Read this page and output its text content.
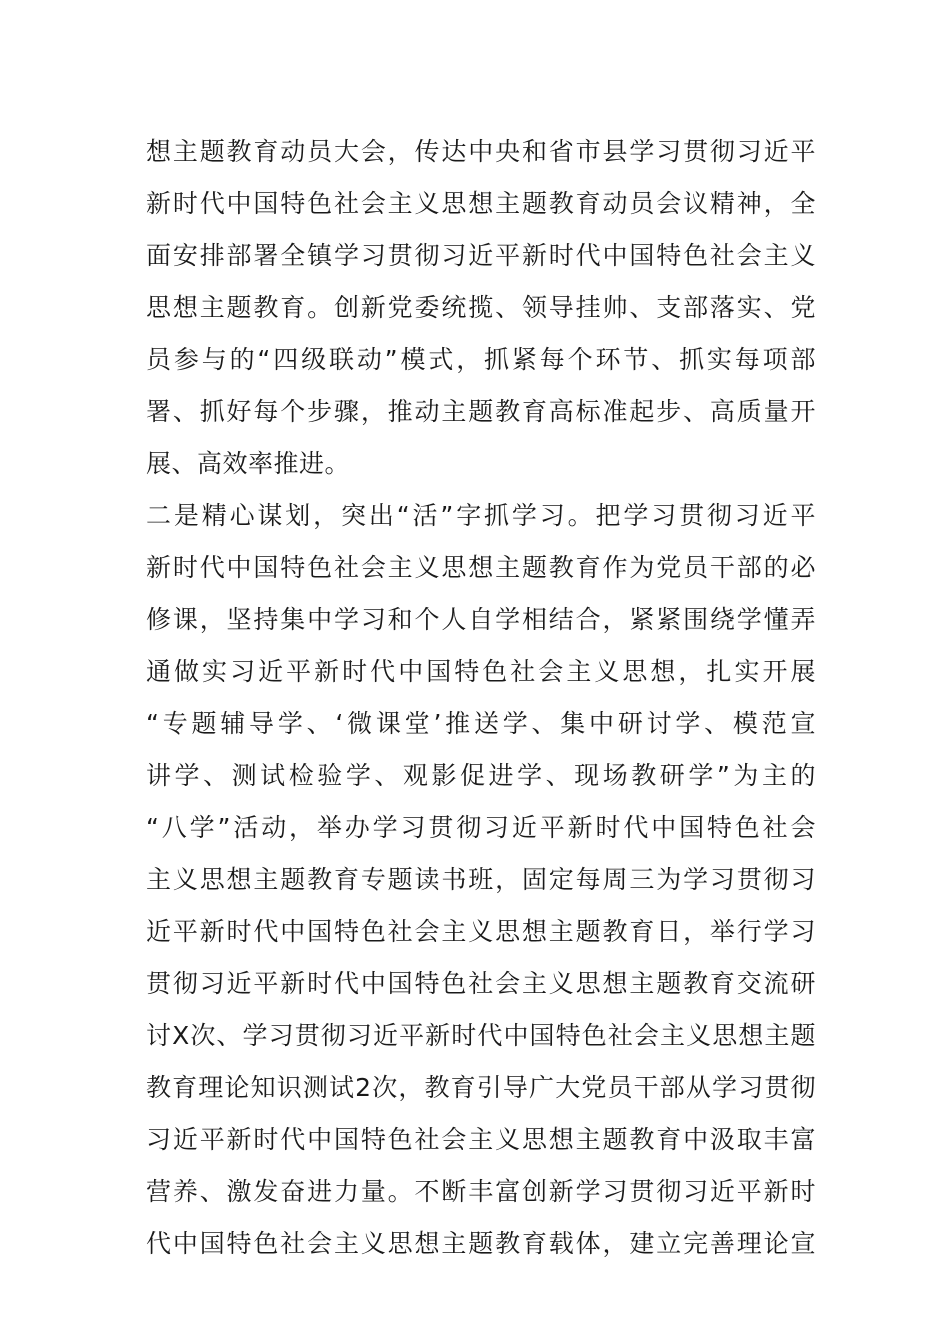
想主题教育动员大会，传达中央和省市县学习贯彻习近平
新时代中国特色社会主义思想主题教育动员会议精神，全
面安排部署全镇学习贯彻习近平新时代中国特色社会主义
思想主题教育。创新党委统揽、领导挂帅、支部落实、党
员参与的“四级联动”模式，抓紧每个环节、抓实每项部
署、抓好每个步骤，推动主题教育高标准起步、高质量开
展、高效率推进。
二是精心谋划，突出“活”字抓学习。把学习贯彻习近平
新时代中国特色社会主义思想主题教育作为党员干部的必
修课，坚持集中学习和个人自学相结合，紧紧围绕学懂弄
通做实习近平新时代中国特色社会主义思想，扎实开展
“专题辅导学、‘微课堂’推送学、集中研讨学、模范宣
讲学、测试检验学、观影促进学、现场教研学”为主的
“八学”活动，举办学习贯彻习近平新时代中国特色社会
主义思想主题教育专题读书班，固定每周三为学习贯彻习
近平新时代中国特色社会主义思想主题教育日，举行学习
贯彻习近平新时代中国特色社会主义思想主题教育交流研
讨X次、学习贯彻习近平新时代中国特色社会主义思想主题
教育理论知识测试2次，教育引导广大党员干部从学习贯彻
习近平新时代中国特色社会主义思想主题教育中汲取丰富
营养、激发奋进力量。不断丰富创新学习贯彻习近平新时
代中国特色社会主义思想主题教育载体，建立完善理论宣
